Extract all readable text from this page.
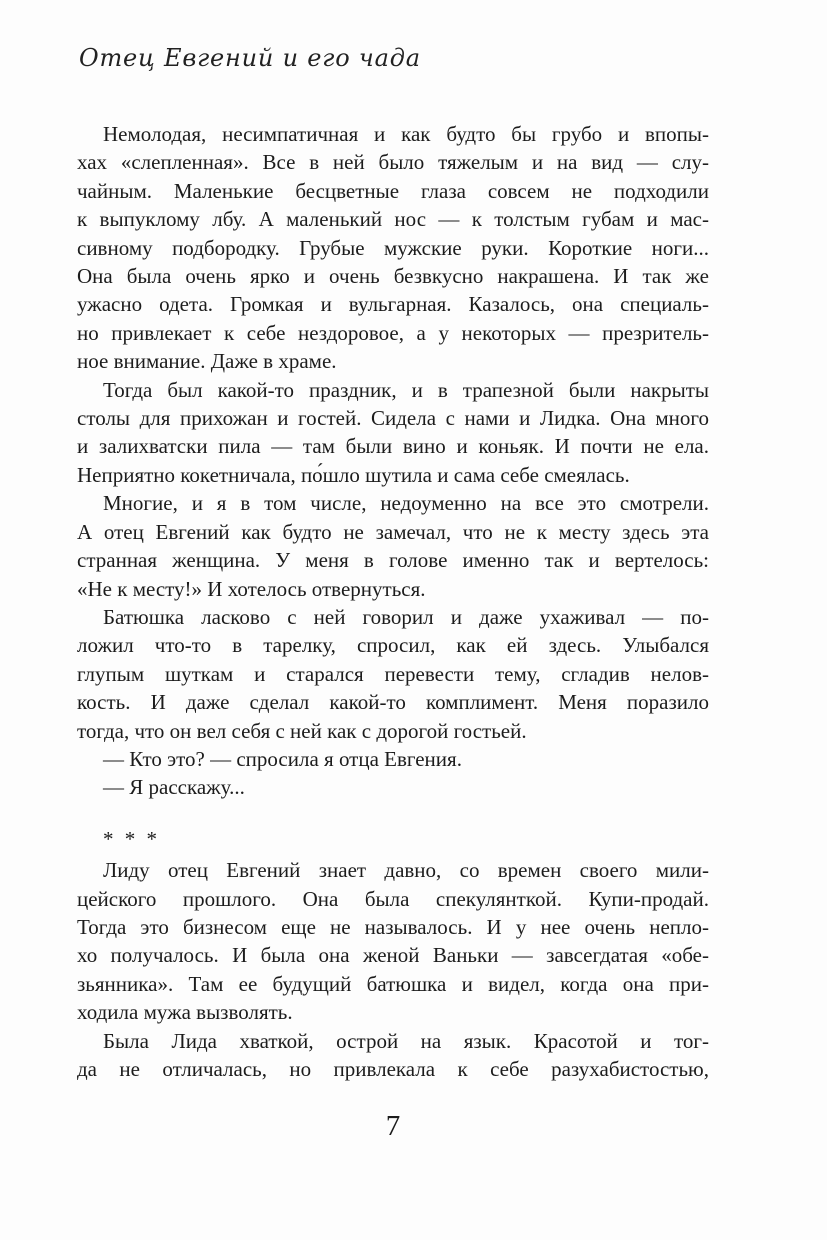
Отец Евгений и его чада
Немолодая, несимпатичная и как будто бы грубо и впопы-
хах «слепленная». Все в ней было тяжелым и на вид — слу-
чайным. Маленькие бесцветные глаза совсем не подходили
к выпуклому лбу. А маленький нос — к толстым губам и мас-
сивному подбородку. Грубые мужские руки. Короткие ноги...
Она была очень ярко и очень безвкусно накрашена. И так же
ужасно одета. Громкая и вульгарная. Казалось, она специаль-
но привлекает к себе нездоровое, а у некоторых — презритель-
ное внимание. Даже в храме.
Тогда был какой-то праздник, и в трапезной были накрыты
столы для прихожан и гостей. Сидела с нами и Лидка. Она много
и залихватски пила — там были вино и коньяк. И почти не ела.
Неприятно кокетничала, по́шло шутила и сама себе смеялась.
Многие, и я в том числе, недоуменно на все это смотрели.
А отец Евгений как будто не замечал, что не к месту здесь эта
странная женщина. У меня в голове именно так и вертелось:
«Не к месту!» И хотелось отвернуться.
Батюшка ласково с ней говорил и даже ухаживал — по-
ложил что-то в тарелку, спросил, как ей здесь. Улыбался
глупым шуткам и старался перевести тему, сгладив нелов-
кость. И даже сделал какой-то комплимент. Меня поразило
тогда, что он вел себя с ней как с дорогой гостьей.
— Кто это? — спросила я отца Евгения.
— Я расскажу...
* * *
Лиду отец Евгений знает давно, со времен своего мили-
цейского прошлого. Она была спекулянткой. Купи-продай.
Тогда это бизнесом еще не называлось. И у нее очень непло-
хо получалось. И была она женой Ваньки — завсегдатая «обе-
зьянника». Там ее будущий батюшка и видел, когда она при-
ходила мужа вызволять.
Была Лида хваткой, острой на язык. Красотой и тог-
да не отличалась, но привлекала к себе разухабистостью,
7
